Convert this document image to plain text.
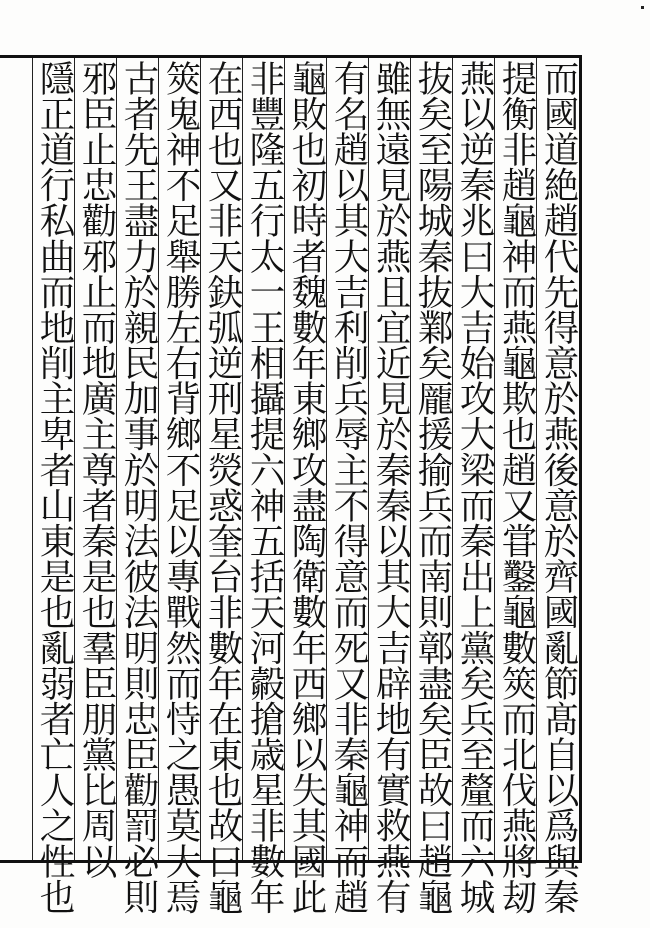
而國道絶趙代先得意於燕後意於齊國亂節髙自以爲與秦
提衡非趙龜神而燕龜欺也趙又甞鑿龜數筴而北伐燕將刼
燕以逆秦兆曰大吉始攻大梁而秦出上黨矣兵至釐而六城
抜矣至陽城秦抜鄴矣龎援揄兵而南則鄣盡矣臣故曰趙龜
雖無遠見於燕且宜近見於秦秦以其大吉辟地有實救燕有
有名趙以其大吉利削兵辱主不得意而死又非秦龜神而趙
龜敗也初時者魏數年東鄉攻盡陶衛數年西鄉以失其國此
非豐隆五行太一王相攝提六神五括天河㲉搶歳星非數年
在西也又非天鈌弧逆刑星熒惑奎台非數年在東也故曰龜
筴鬼神不足舉勝左右背鄉不足以專戰然而恃之愚莫大焉
古者先王盡力於親民加事於明法彼法明則忠臣勸罰必則
邪臣止忠勸邪止而地廣主尊者秦是也羣臣朋黨比周以
隱正道行私曲而地削主卑者山東是也亂弱者亡人之性也
